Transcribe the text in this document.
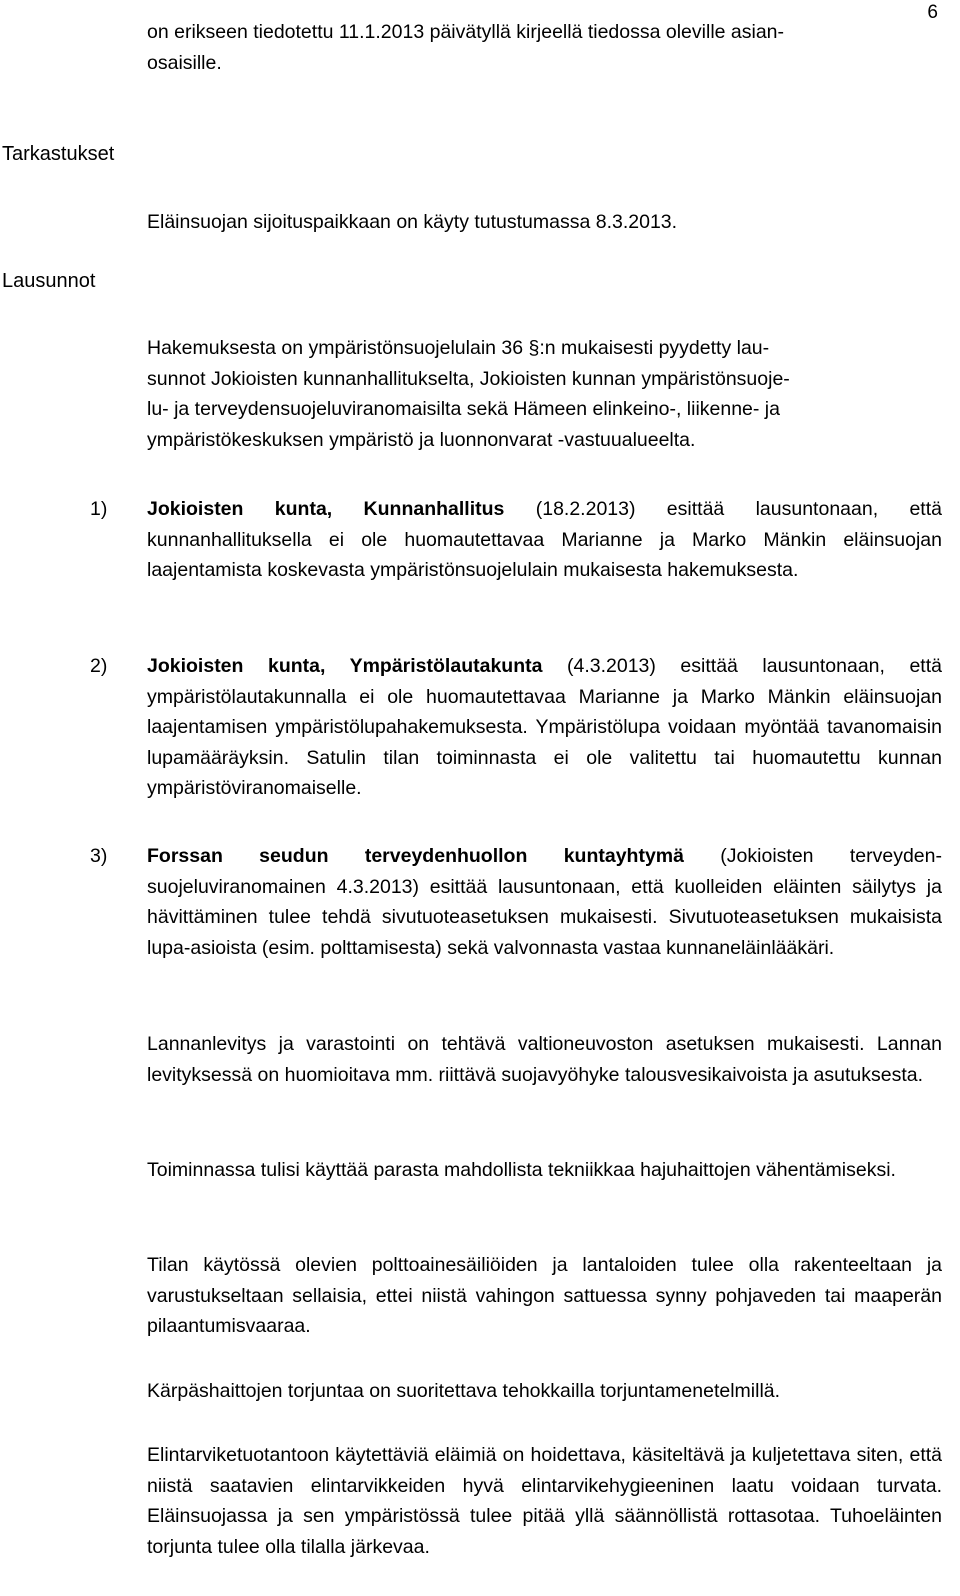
6
on erikseen tiedotettu 11.1.2013 päivätyllä kirjeellä tiedossa oleville asian-
osaisille.
Tarkastukset
Eläinsuojan sijoituspaikkaan on käyty tutustumassa 8.3.2013.
Lausunnot
Hakemuksesta on ympäristönsuojelulain 36 §:n mukaisesti pyydetty lau-
sunnot Jokioisten kunnanhallitukselta, Jokioisten kunnan ympäristönsuoje-
lu- ja terveydensuojeluviranomaisilta sekä Hämeen elinkeino-, liikenne- ja
ympäristökeskuksen ympäristö ja luonnonvarat -vastuualueelta.
1) Jokioisten kunta, Kunnanhallitus (18.2.2013) esittää lausuntonaan, että kunnanhallituksella ei ole huomautettavaa Marianne ja Marko Mänkin eläinsuojan laajentamista koskevasta ympäristönsuojelulain mukaisesta hakemuksesta.
2) Jokioisten kunta, Ympäristölautakunta (4.3.2013) esittää lausuntonaan, että ympäristölautakunnalla ei ole huomautettavaa Marianne ja Marko Mänkin eläinsuojan laajentamisen ympäristölupahakemuksesta. Ympäristölupa voidaan myöntää tavanomaisin lupamääräyksin. Satulin tilan toiminnasta ei ole valitettu tai huomautettu kunnan ympäristöviranomaiselle.
3) Forssan seudun terveydenhuollon kuntayhtymä (Jokioisten terveydensuojeluviranomainen 4.3.2013) esittää lausuntonaan, että kuolleiden eläinten säilytys ja hävittäminen tulee tehdä sivutuoteasetuksen mukaisesti. Sivutuoteasetuksen mukaisista lupa-asioista (esim. polttamisesta) sekä valvonnasta vastaa kunnaneläinlääkäri.
Lannanlevitys ja varastointi on tehtävä valtioneuvoston asetuksen mukaisesti. Lannan levityksessä on huomioitava mm. riittävä suojavyöhyke talousvesikaivoista ja asutuksesta.
Toiminnassa tulisi käyttää parasta mahdollista tekniikkaa hajuhaittojen vähentämiseksi.
Tilan käytössä olevien polttoainesäiliöiden ja lantaloiden tulee olla rakenteeltaan ja varustukseltaan sellaisia, ettei niistä vahingon sattuessa synny pohjaveden tai maaperän pilaantumisvaaraa.
Kärpäshaittojen torjuntaa on suoritettava tehokkailla torjuntamenetelmillä.
Elintarviketuotantoon käytettäviä eläimiä on hoidettava, käsiteltävä ja kuljetettava siten, että niistä saatavien elintarvikkeiden hyvä elintarvikehygieeninen laatu voidaan turvata. Eläinsuojassa ja sen ympäristössä tulee pitää yllä säännöllistä rottasotaa. Tuhoeläinten torjunta tulee olla tilalla järkevaa.
